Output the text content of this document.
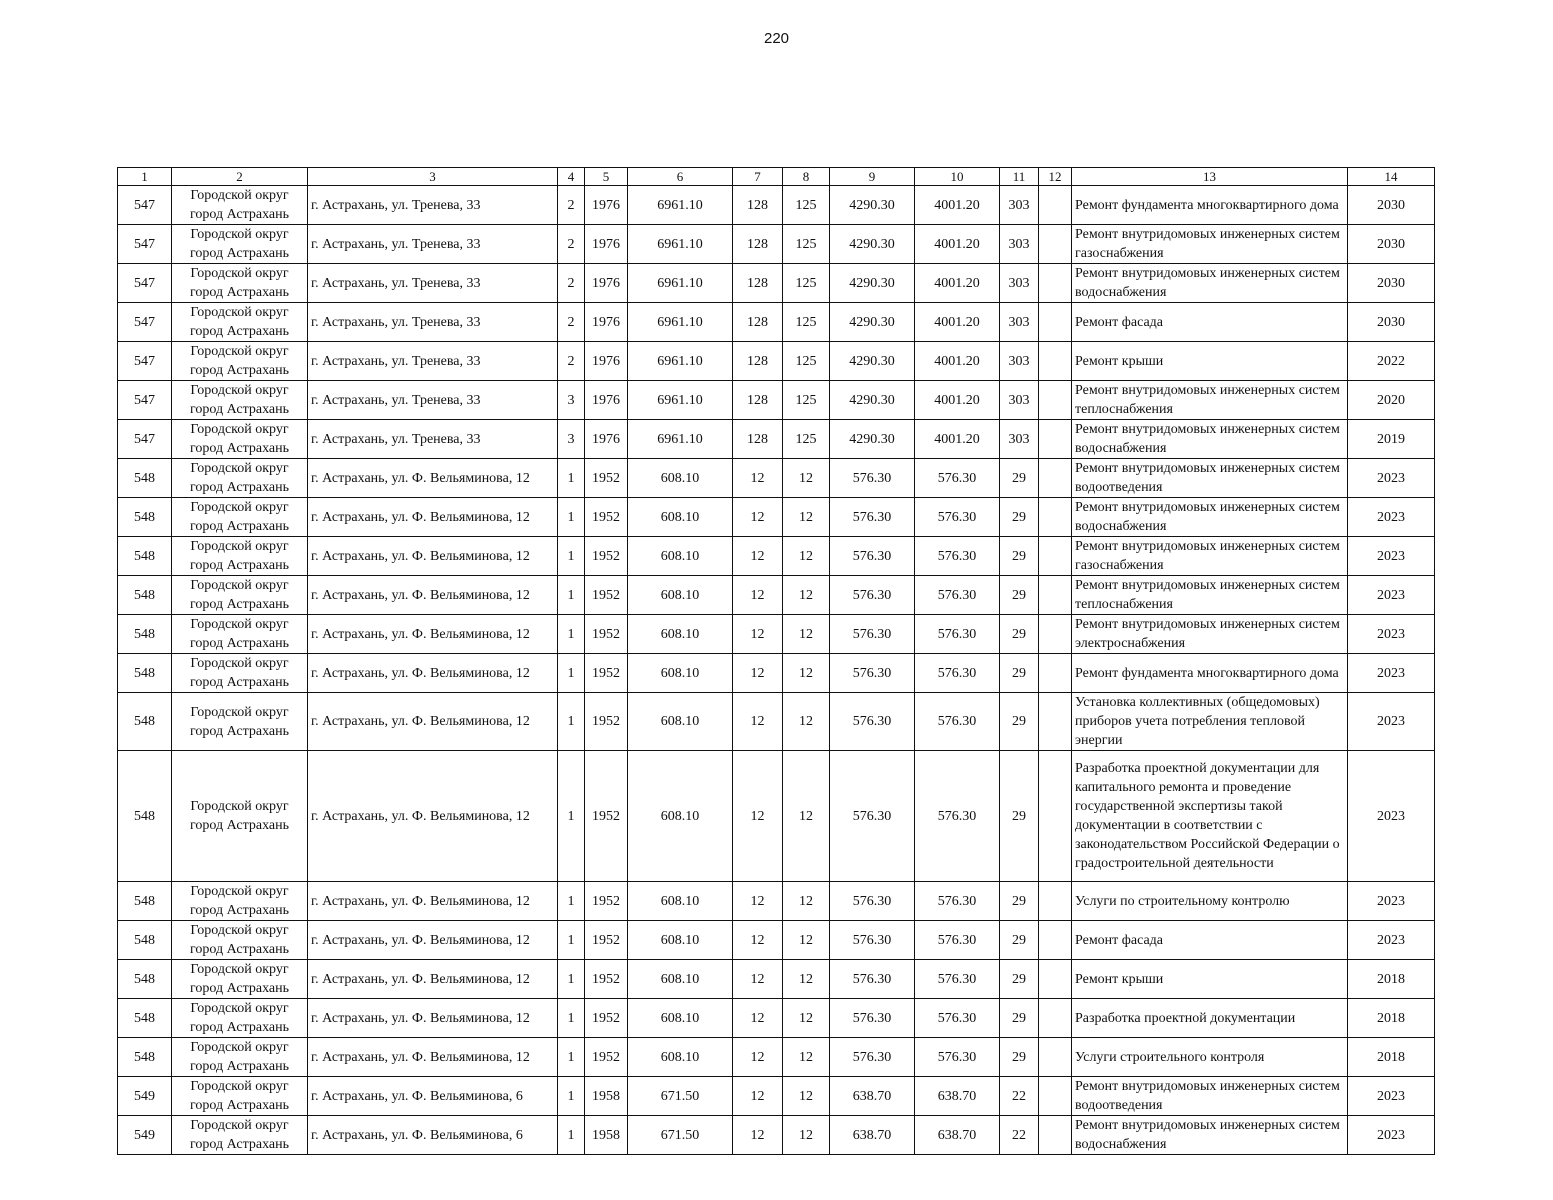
220
1	2	3	4	5	6	7	8	9	10	11	12	13	14
547	Городской округ город Астрахань	г. Астрахань, ул. Тренева, 33	2	1976	6961.10	128	125	4290.30	4001.20	303		Ремонт фундамента многоквартирного дома	2030
547	Городской округ город Астрахань	г. Астрахань, ул. Тренева, 33	2	1976	6961.10	128	125	4290.30	4001.20	303		Ремонт внутридомовых инженерных систем газоснабжения	2030
547	Городской округ город Астрахань	г. Астрахань, ул. Тренева, 33	2	1976	6961.10	128	125	4290.30	4001.20	303		Ремонт внутридомовых инженерных систем водоснабжения	2030
547	Городской округ город Астрахань	г. Астрахань, ул. Тренева, 33	2	1976	6961.10	128	125	4290.30	4001.20	303		Ремонт фасада	2030
547	Городской округ город Астрахань	г. Астрахань, ул. Тренева, 33	2	1976	6961.10	128	125	4290.30	4001.20	303		Ремонт крыши	2022
547	Городской округ город Астрахань	г. Астрахань, ул. Тренева, 33	3	1976	6961.10	128	125	4290.30	4001.20	303		Ремонт внутридомовых инженерных систем теплоснабжения	2020
547	Городской округ город Астрахань	г. Астрахань, ул. Тренева, 33	3	1976	6961.10	128	125	4290.30	4001.20	303		Ремонт внутридомовых инженерных систем водоснабжения	2019
548	Городской округ город Астрахань	г. Астрахань, ул. Ф. Вельяминова, 12	1	1952	608.10	12	12	576.30	576.30	29		Ремонт внутридомовых инженерных систем водоотведения	2023
548	Городской округ город Астрахань	г. Астрахань, ул. Ф. Вельяминова, 12	1	1952	608.10	12	12	576.30	576.30	29		Ремонт внутридомовых инженерных систем водоснабжения	2023
548	Городской округ город Астрахань	г. Астрахань, ул. Ф. Вельяминова, 12	1	1952	608.10	12	12	576.30	576.30	29		Ремонт внутридомовых инженерных систем газоснабжения	2023
548	Городской округ город Астрахань	г. Астрахань, ул. Ф. Вельяминова, 12	1	1952	608.10	12	12	576.30	576.30	29		Ремонт внутридомовых инженерных систем теплоснабжения	2023
548	Городской округ город Астрахань	г. Астрахань, ул. Ф. Вельяминова, 12	1	1952	608.10	12	12	576.30	576.30	29		Ремонт внутридомовых инженерных систем электроснабжения	2023
548	Городской округ город Астрахань	г. Астрахань, ул. Ф. Вельяминова, 12	1	1952	608.10	12	12	576.30	576.30	29		Ремонт фундамента многоквартирного дома	2023
548	Городской округ город Астрахань	г. Астрахань, ул. Ф. Вельяминова, 12	1	1952	608.10	12	12	576.30	576.30	29		Установка коллективных (общедомовых) приборов учета потребления тепловой энергии	2023
548	Городской округ город Астрахань	г. Астрахань, ул. Ф. Вельяминова, 12	1	1952	608.10	12	12	576.30	576.30	29		Разработка проектной документации для капитального ремонта и проведение государственной экспертизы такой документации в соответствии с законодательством Российской Федерации о градостроительной деятельности	2023
548	Городской округ город Астрахань	г. Астрахань, ул. Ф. Вельяминова, 12	1	1952	608.10	12	12	576.30	576.30	29		Услуги по строительному контролю	2023
548	Городской округ город Астрахань	г. Астрахань, ул. Ф. Вельяминова, 12	1	1952	608.10	12	12	576.30	576.30	29		Ремонт фасада	2023
548	Городской округ город Астрахань	г. Астрахань, ул. Ф. Вельяминова, 12	1	1952	608.10	12	12	576.30	576.30	29		Ремонт крыши	2018
548	Городской округ город Астрахань	г. Астрахань, ул. Ф. Вельяминова, 12	1	1952	608.10	12	12	576.30	576.30	29		Разработка проектной документации	2018
548	Городской округ город Астрахань	г. Астрахань, ул. Ф. Вельяминова, 12	1	1952	608.10	12	12	576.30	576.30	29		Услуги строительного контроля	2018
549	Городской округ город Астрахань	г. Астрахань, ул. Ф. Вельяминова, 6	1	1958	671.50	12	12	638.70	638.70	22		Ремонт внутридомовых инженерных систем водоотведения	2023
549	Городской округ город Астрахань	г. Астрахань, ул. Ф. Вельяминова, 6	1	1958	671.50	12	12	638.70	638.70	22		Ремонт внутридомовых инженерных систем водоснабжения	2023
